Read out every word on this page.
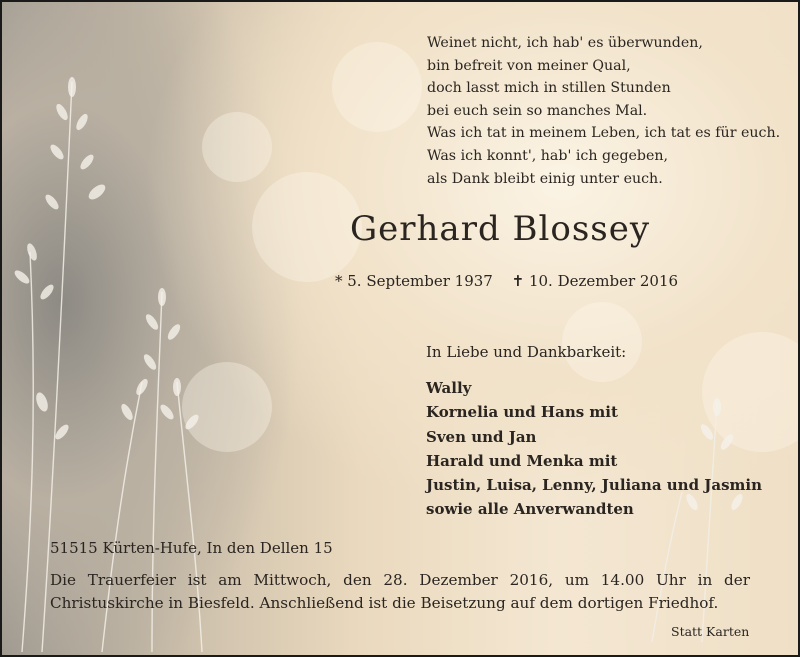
Weinet nicht, ich hab' es überwunden,
bin befreit von meiner Qual,
doch lasst mich in stillen Stunden
bei euch sein so manches Mal.
Was ich tat in meinem Leben, ich tat es für euch.
Was ich konnt', hab' ich gegeben,
als Dank bleibt einig unter euch.
Gerhard Blossey
* 5. September 1937 ✝ 10. Dezember 2016
In Liebe und Dankbarkeit:
Wally
Kornelia und Hans mit
Sven und Jan
Harald und Menka mit
Justin, Luisa, Lenny, Juliana und Jasmin
sowie alle Anverwandten
51515 Kürten-Hufe, In den Dellen 15
Die Trauerfeier ist am Mittwoch, den 28. Dezember 2016, um 14.00 Uhr in der Christuskirche in Biesfeld. Anschließend ist die Beisetzung auf dem dortigen Friedhof.
Statt Karten
